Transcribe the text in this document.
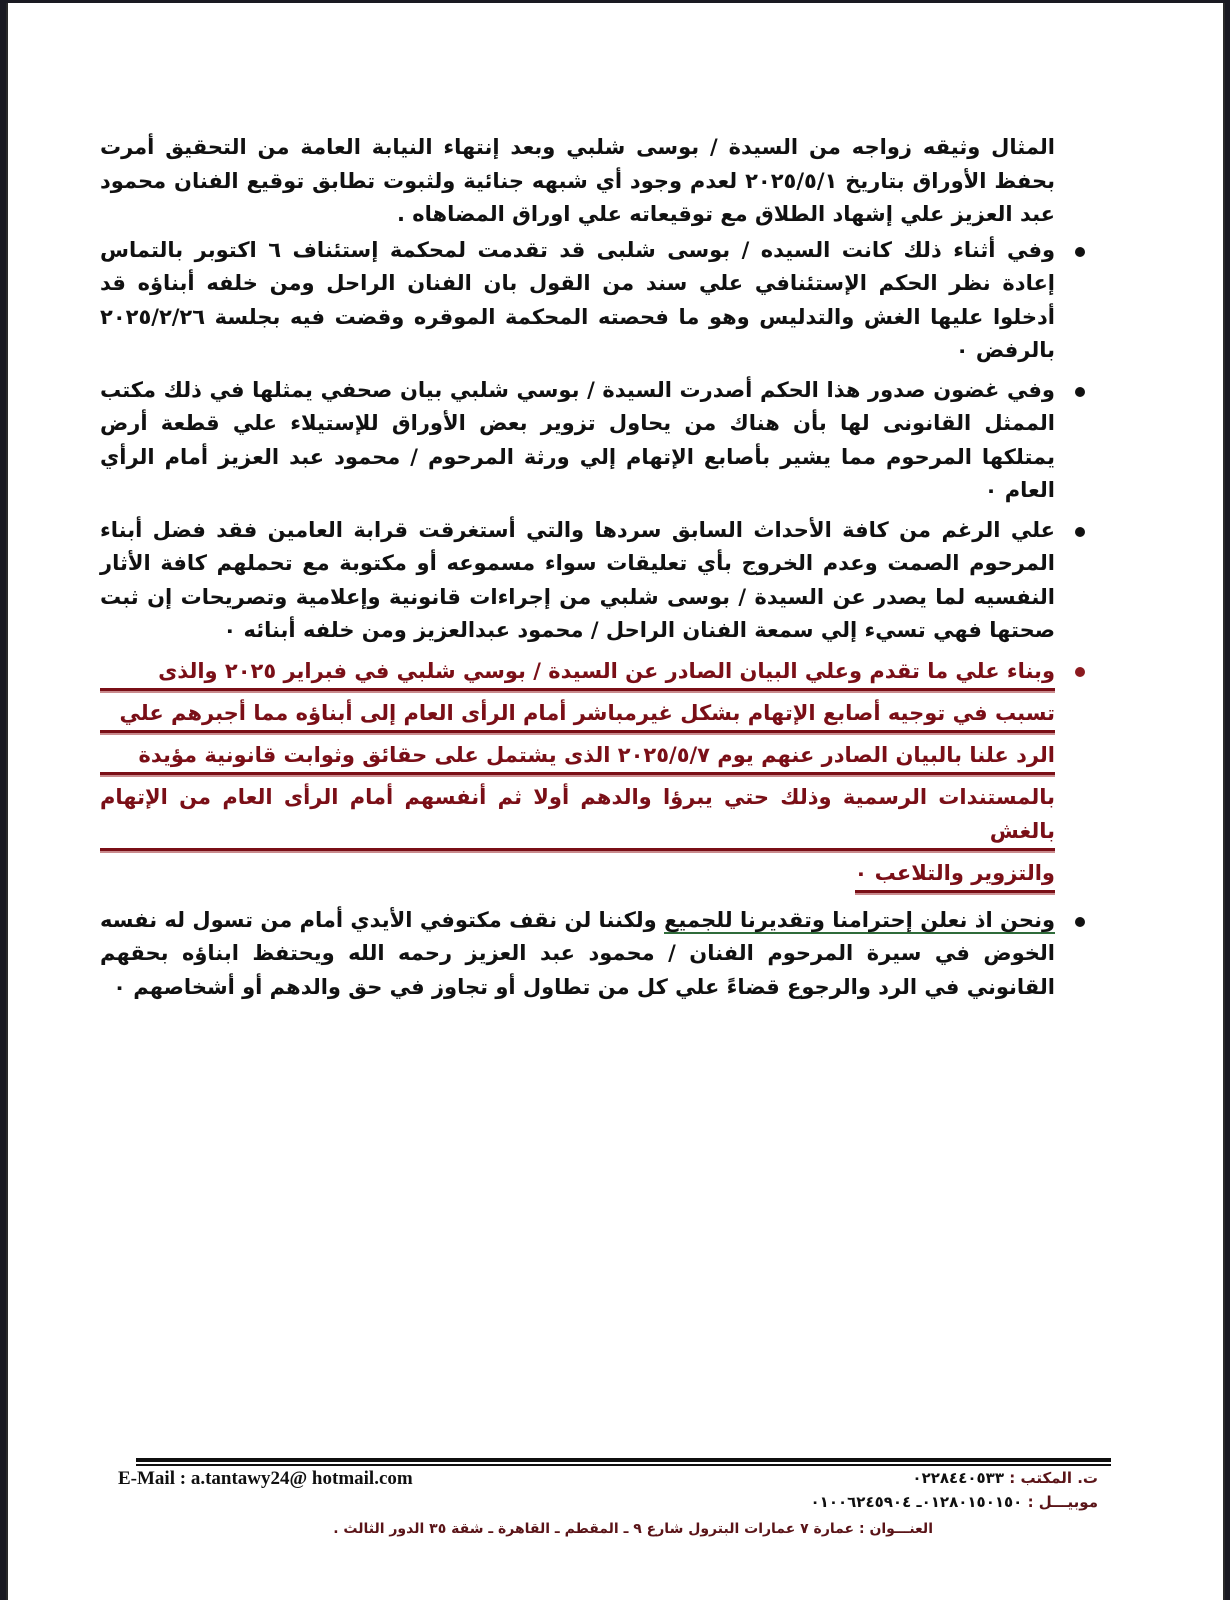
المثال وثيقه زواجه من السيدة / بوسى شلبي وبعد إنتهاء النيابة العامة من التحقيق أمرت بحفظ الأوراق بتاريخ ٢٠٢٥/٥/١ لعدم وجود أي شبهه جنائية ولثبوت تطابق توقيع الفنان محمود عبد العزيز علي إشهاد الطلاق مع توقيعاته علي اوراق المضاهاه .

وفي أثناء ذلك كانت السيده / بوسى شلبى قد تقدمت لمحكمة إستئناف ٦ اكتوبر بالتماس إعادة نظر الحكم الإستئنافي علي سند من القول بان الفنان الراحل ومن خلفه أبناؤه قد أدخلوا عليها الغش والتدليس وهو ما فحصته المحكمة الموقره وقضت فيه بجلسة ٢٠٢٥/٢/٢٦ بالرفض ٠

وفي غضون صدور هذا الحكم أصدرت السيدة / بوسي شلبي بيان صحفي يمثلها في ذلك مكتب الممثل القانونى لها بأن هناك من يحاول تزوير بعض الأوراق للإستيلاء علي قطعة أرض يمتلكها المرحوم مما يشير بأصابع الإتهام إلي ورثة المرحوم / محمود عبد العزيز أمام الرأي العام ٠

علي الرغم من كافة الأحداث السابق سردها والتي أستغرقت قرابة العامين فقد فضل أبناء المرحوم الصمت وعدم الخروج بأي تعليقات سواء مسموعه أو مكتوبة مع تحملهم كافة الأثار النفسيه لما يصدر عن السيدة / بوسى شلبي من إجراءات قانونية وإعلامية وتصريحات إن ثبت صحتها فهي تسيء إلي سمعة الفنان الراحل / محمود عبدالعزيز ومن خلفه أبنائه ٠

وبناء علي ما تقدم وعلي البيان الصادر عن السيدة / بوسي شلبي في فبراير ٢٠٢٥ والذى
تسبب في توجيه أصابع الإتهام بشكل غيرمباشر أمام الرأى العام إلى أبناؤه مما أجبرهم علي
الرد علنا بالبيان الصادر عنهم يوم ٢٠٢٥/٥/٧ الذى يشتمل على حقائق وثوابت قانونية مؤيدة
بالمستندات الرسمية وذلك حتي يبرؤا والدهم أولا ثم أنفسهم أمام الرأى العام من الإتهام بالغش
والتزوير والتلاعب ٠

ونحن اذ نعلن إحترامنا وتقديرنا للجميع ولكننا لن نقف مكتوفي الأيدي أمام من تسول له نفسه الخوض في سيرة المرحوم الفنان / محمود عبد العزيز رحمه الله ويحتفظ ابناؤه بحقهم القانوني في الرد والرجوع قضاءً علي كل من تطاول أو تجاوز في حق والدهم أو أشخاصهم ٠

E-Mail : a.tantawy24@ hotmail.com	ت. المكتب : ٠٢٢٨٤٤٠٥٣٣
موبيـــل : ٠١٢٨٠١٥٠١٥٠ـ ٠١٠٠٦٢٤٥٩٠٤
العنـــوان : عمارة ٧ عمارات البترول شارع ٩ ـ المقطم ـ القاهرة ـ شقة ٣٥ الدور الثالث .
